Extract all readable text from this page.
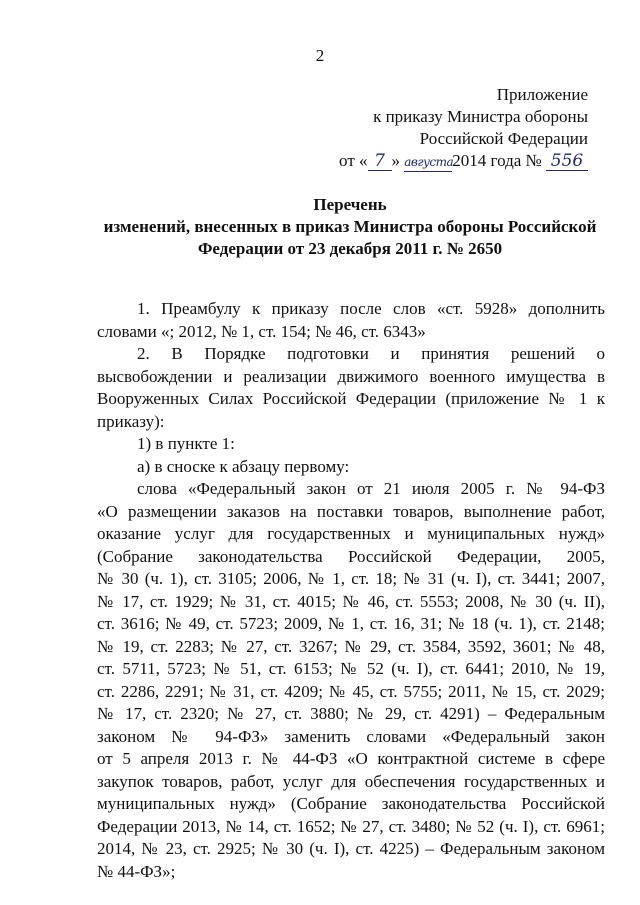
2
Приложение
к приказу Министра обороны
Российской Федерации
от « 7 » августа2014 года № 556
Перечень
изменений, внесенных в приказ Министра обороны Российской
Федерации от 23 декабря 2011 г. № 2650
1. Преамбулу к приказу после слов «ст. 5928» дополнить
словами «; 2012, № 1, ст. 154; № 46, ст. 6343»
2. В Порядке подготовки и принятия решений о
высвобождении и реализации движимого военного имущества в
Вооруженных Силах Российской Федерации (приложение № 1 к
приказу):
1) в пункте 1:
а) в сноске к абзацу первому:
слова «Федеральный закон от 21 июля 2005 г. № 94-ФЗ
«О размещении заказов на поставки товаров, выполнение работ,
оказание услуг для государственных и муниципальных нужд»
(Собрание законодательства Российской Федерации, 2005,
№ 30 (ч. 1), ст. 3105; 2006, № 1, ст. 18; № 31 (ч. I), ст. 3441; 2007,
№ 17, ст. 1929; № 31, ст. 4015; № 46, ст. 5553; 2008, № 30 (ч. II),
ст. 3616; № 49, ст. 5723; 2009, № 1, ст. 16, 31; № 18 (ч. 1), ст. 2148;
№ 19, ст. 2283; № 27, ст. 3267; № 29, ст. 3584, 3592, 3601; № 48,
ст. 5711, 5723; № 51, ст. 6153; № 52 (ч. I), ст. 6441; 2010, № 19,
ст. 2286, 2291; № 31, ст. 4209; № 45, ст. 5755; 2011, № 15, ст. 2029;
№ 17, ст. 2320; № 27, ст. 3880; № 29, ст. 4291) – Федеральным
законом № 94-ФЗ» заменить словами «Федеральный закон
от 5 апреля 2013 г. № 44-ФЗ «О контрактной системе в сфере
закупок товаров, работ, услуг для обеспечения государственных и
муниципальных нужд» (Собрание законодательства Российской
Федерации 2013, № 14, ст. 1652; № 27, ст. 3480; № 52 (ч. I), ст. 6961;
2014, № 23, ст. 2925; № 30 (ч. I), ст. 4225) – Федеральным законом
№ 44-ФЗ»;
